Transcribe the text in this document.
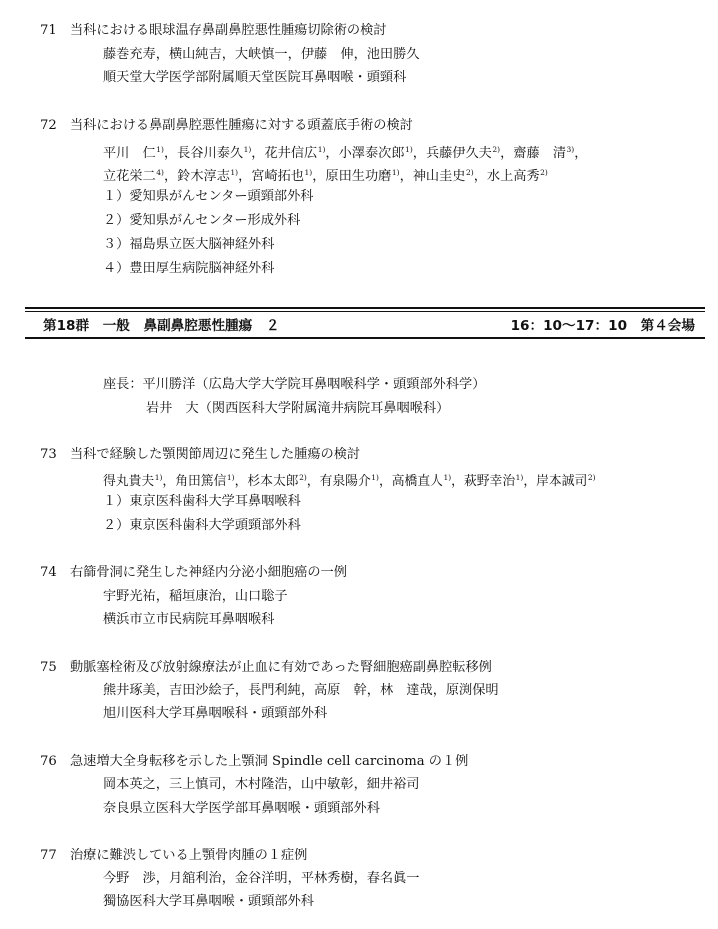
71 当科における眼球温存鼻副鼻腔悪性腫瘍切除術の検討
藤巻充寿，横山純吉，大峡慎一，伊藤　伸，池田勝久
順天堂大学医学部附属順天堂医院耳鼻咽喉・頭頸科
72 当科における鼻副鼻腔悪性腫瘍に対する頭蓋底手術の検討
平川　仁$^{1)}$，長谷川泰久$^{1)}$，花井信広$^{1)}$，小澤泰次郎$^{1)}$，兵藤伊久夫$^{2)}$，齋藤　清$^{3)}$，
立花栄二$^{4)}$，鈴木淳志$^{1)}$，宮崎拓也$^{1)}$，原田生功磨$^{1)}$，神山圭史$^{2)}$，水上高秀$^{2)}$
１）愛知県がんセンター頭頸部外科
２）愛知県がんセンター形成外科
３）福島県立医大脳神経外科
４）豊田厚生病院脳神経外科
第18群　一般　鼻副鼻腔悪性腫瘍　２	16：10〜17：10　第４会場
座長：平川勝洋（広島大学大学院耳鼻咽喉科学・頭頸部外科学）
岩井　大（関西医科大学附属滝井病院耳鼻咽喉科）
73 当科で経験した顎関節周辺に発生した腫瘍の検討
得丸貴夫$^{1)}$，角田篤信$^{1)}$，杉本太郎$^{2)}$，有泉陽介$^{1)}$，高橋直人$^{1)}$，萩野幸治$^{1)}$，岸本誠司$^{2)}$
１）東京医科歯科大学耳鼻咽喉科
２）東京医科歯科大学頭頸部外科
74 右篩骨洞に発生した神経内分泌小細胞癌の一例
宇野光祐，稲垣康治，山口聡子
横浜市立市民病院耳鼻咽喉科
75 動脈塞栓術及び放射線療法が止血に有効であった腎細胞癌副鼻腔転移例
熊井琢美，吉田沙絵子，長門利純，高原　幹，林　達哉，原渕保明
旭川医科大学耳鼻咽喉科・頭頸部外科
76 急速増大全身転移を示した上顎洞 Spindle cell carcinoma の１例
岡本英之，三上慎司，木村隆浩，山中敏彰，細井裕司
奈良県立医科大学医学部耳鼻咽喉・頭頸部外科
77 治療に難渋している上顎骨肉腫の１症例
今野　渉，月舘利治，金谷洋明，平林秀樹，春名眞一
獨協医科大学耳鼻咽喉・頭頸部外科
